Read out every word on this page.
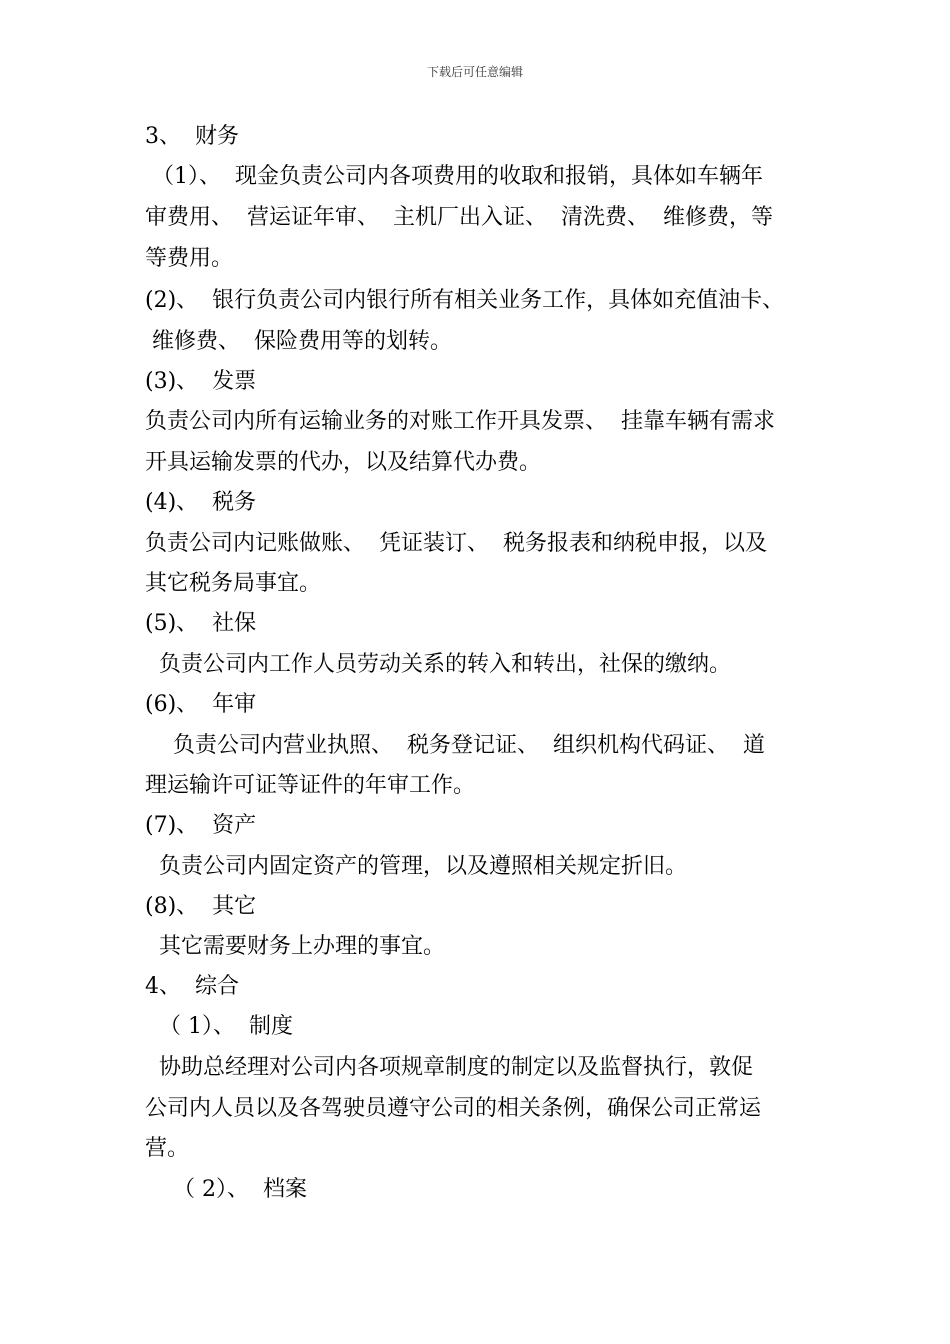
下载后可任意编辑
3、  财务
（1）、  现金负责公司内各项费用的收取和报销，具体如车辆年
审费用、  营运证年审、  主机厂出入证、  清洗费、  维修费，等
等费用。
(2)、  银行负责公司内银行所有相关业务工作，具体如充值油卡、
维修费、  保险费用等的划转。
(3)、  发票
负责公司内所有运输业务的对账工作开具发票、  挂靠车辆有需求
开具运输发票的代办，以及结算代办费。
(4)、  税务
负责公司内记账做账、  凭证装订、  税务报表和纳税申报，以及
其它税务局事宜。
(5)、  社保
负责公司内工作人员劳动关系的转入和转出，社保的缴纳。
(6)、  年审
负责公司内营业执照、  税务登记证、  组织机构代码证、  道
理运输许可证等证件的年审工作。
(7)、  资产
负责公司内固定资产的管理，以及遵照相关规定折旧。
(8)、  其它
其它需要财务上办理的事宜。
4、  综合
（ 1）、  制度
协助总经理对公司内各项规章制度的制定以及监督执行，敦促
公司内人员以及各驾驶员遵守公司的相关条例，确保公司正常运
营。
（ 2）、  档案
